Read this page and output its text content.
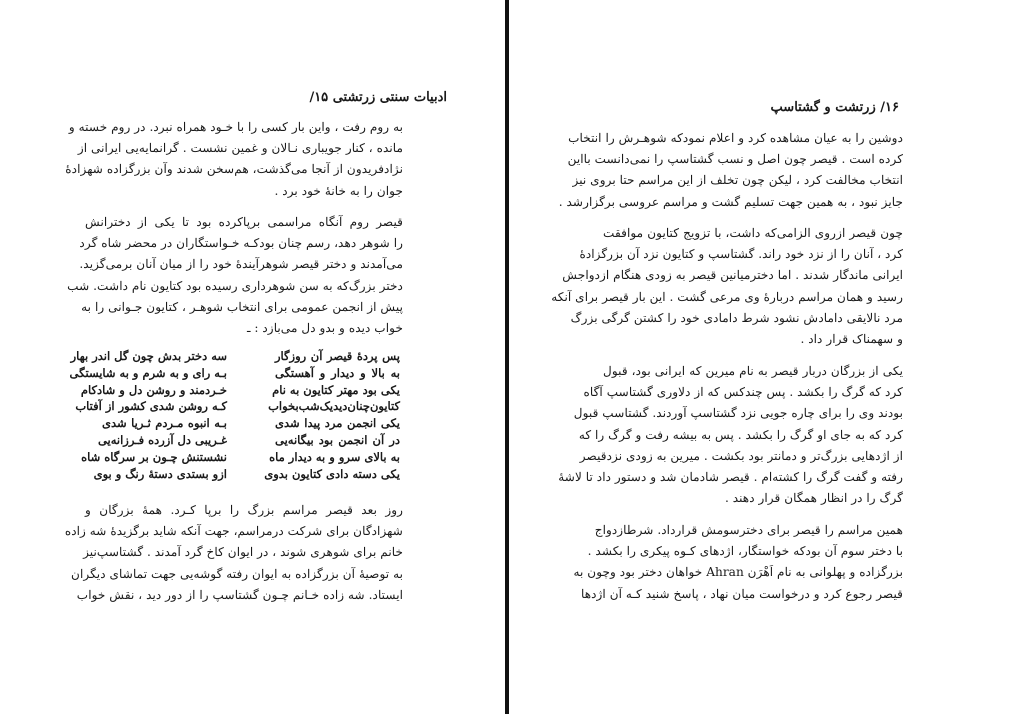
ادبیات سنتی زرتشتی ۱۵/
به روم رفت ، واین بار کسی را با خـود همراه نبرد. در روم خسته و
مانده ، کنار جویباری نـالان و غمین نشست . گرانمایه‌یی ایرانی از
نژادفریدون از آنجا می‌گذشت، هم‌سخن شدند وآن بزرگزاده شهزادهٔ
جوان را به خانهٔ خود برد .
قیصر روم آنگاه مراسمی برپاکرده بود تا یکی از دخترانش
را شوهر دهد، رسم چنان بودکـه خـواستگاران در محضر شاه گرد
می‌آمدند و دختر قیصر شوهرآیندهٔ خود را از میان آنان برمی‌گزید.
دختر بزرگ‌که به سن شوهرداری رسیده بود کتایون نام داشت. شب
پیش از انجمن عمومی برای انتخاب شوهـر ، کتایون جـوانی را به
خواب دیده و بدو دل می‌بازد : ـ
پس پردهٔ قیصر آن روزگار
سه دختر بدش چون گل اندر بهار
به بالا و دیدار و آهستگی
بـه رای و به شرم و به شایستگی
یکی بود مهتر کتایون به نام
خـردمند و روشن دل و شادکام
کتایون‌چنان‌دیدیک‌شب‌بخواب
کـه روشن شدی کشور از آفتاب
یکی انجمن مرد پیدا شدی
بـه انبوه مـردم ثـریا شدی
در آن انجمن بود بیگانه‌یی
غـریبی دل آزرده فـرزانه‌یی
به بالای سرو و به دیدار ماه
نشستنش چـون بر سرگاه شاه
یکی دسته دادی کتایون بدوی
ازو بستدی دستهٔ رنگ و بوی
روز بعد قیصر مراسم بزرگ را برپا کـرد. همهٔ بزرگان و
شهزادگان برای شرکت درمراسم، جهت آنکه شاید برگزیدهٔ شه زاده
خانم برای شوهری شوند ، در ایوان کاخ گرد آمدند . گشتاسپ‌نیز
به توصیهٔ آن بزرگزاده به ایوان رفته گوشه‌یی جهت تماشای دیگران
ایستاد. شه زاده خـانم چـون گشتاسپ را از دور دید ، نقش خواب
۱۶/ زرتشت و گشتاسپ
دوشین را به عیان مشاهده کرد و اعلام نمودکه شوهـرش را انتخاب
کرده است . قیصر چون اصل و نسب گشتاسپ را نمی‌دانست بااین
انتخاب مخالفت کرد ، لیکن چون تخلف از این مراسم حتا بروی نیز
جایز نبود ، به همین جهت تسلیم گشت و مراسم عروسی برگزارشد .
چون قیصر ازروی الزامی‌که داشت، با تزویج کتایون موافقت
کرد ، آنان را از نزد خود راند. گشتاسپ و کتایون نزد آن بزرگزادهٔ
ایرانی ماندگار شدند . اما دخترمیانین قیصر به زودی هنگام ازدواجش
رسید و همان مراسم دربارهٔ وی مرعی گشت . این بار قیصر برای آنکه
مرد نالایقی دامادش نشود شرط دامادی خود را کشتن گرگی بزرگ
و سهمناک قرار داد .
یکی از بزرگان دربار قیصر به نام میرین که ایرانی بود، قبول
کرد که گرگ را بکشد . پس چندکس که از دلاوری گشتاسپ آگاه
بودند وی را برای چاره جویی نزد گشتاسپ آوردند. گشتاسپ قبول
کرد که به جای او گرگ را بکشد . پس به بیشه رفت و گرگ را که
از اژدهایی بزرگ‌تر و دمانتر بود بکشت . میرین به زودی نزدقیصر
رفته و گفت گرگ را کشته‌ام . قیصر شادمان شد و دستور داد تا لاشهٔ
گرگ را در انظار همگان قرار دهند .
همین مراسم را قیصر برای دخترسومش قرارداد. شرطازدواج
با دختر سوم آن بودکه خواستگار، اژدهای کـوه پیکری را بکشد .
بزرگزاده و پهلوانی به نام اَهْرَن Ahran خواهان دختر بود وچون به
قیصر رجوع کرد و درخواست میان نهاد ، پاسخ شنید کـه آن اژدها
